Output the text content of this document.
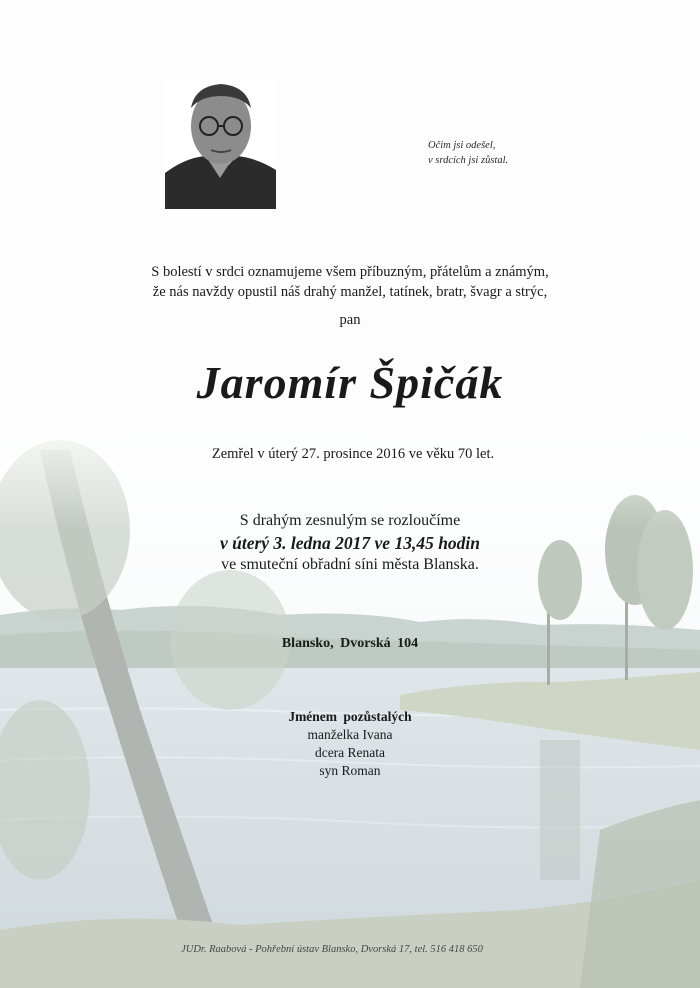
Očim jsi odešel,
v srdcích jsi zůstal.
S bolestí v srdci oznamujeme všem příbuzným, přátelům a známým,
že nás navždy opustil náš drahý manžel, tatínek, bratr, švagr a strýc,
pan
Jaromír Špičák
Zemřel v úterý 27. prosince 2016 ve věku 70 let.
S drahým zesnulým se rozloučíme
v úterý 3. ledna 2017 ve 13,45 hodin
ve smuteční obřadní síni města Blanska.
Blansko, Dvorská 104
Jménem pozůstalých
manželka Ivana
dcera Renata
syn Roman
JUDr. Raabová - Pohřební ústav Blansko, Dvorská 17, tel. 516 418 650
